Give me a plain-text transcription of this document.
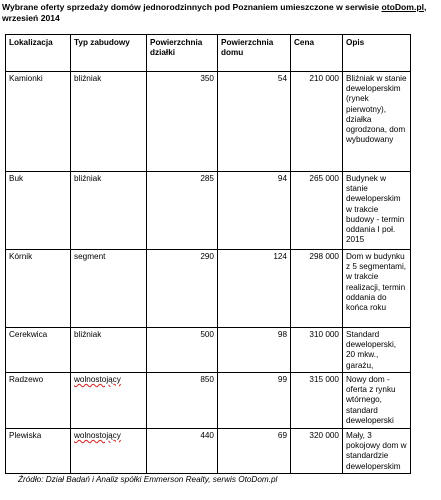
Wybrane oferty sprzedaży domów jednorodzinnych pod Poznaniem umieszczone w serwisie otoDom.pl,
wrzesień 2014
Lokalizacja	Typ zabudowy	Powierzchnia działki	Powierzchnia domu	Cena	Opis
Kamionki	bliźniak	350	54	210 000	Bliźniak w stanie deweloperskim (rynek pierwotny), działka ogrodzona, dom wybudowany
Buk	bliźniak	285	94	265 000	Budynek w stanie deweloperskim w trakcie budowy - termin oddania I poł. 2015
Kórnik	segment	290	124	298 000	Dom w budynku z 5 segmentami, w trakcie realizacji, termin oddania do końca roku
Cerekwica	bliźniak	500	98	310 000	Standard deweloperski, 20 mkw., garażu,
Radzewo	wolnostojący	850	99	315 000	Nowy dom - oferta z rynku wtórnego, standard deweloperski
Plewiska	wolnostojący	440	69	320 000	Mały, 3 pokojowy dom w standardzie deweloperskim
Źródło: Dział Badań i Analiz spółki Emmerson Realty, serwis OtoDom.pl
